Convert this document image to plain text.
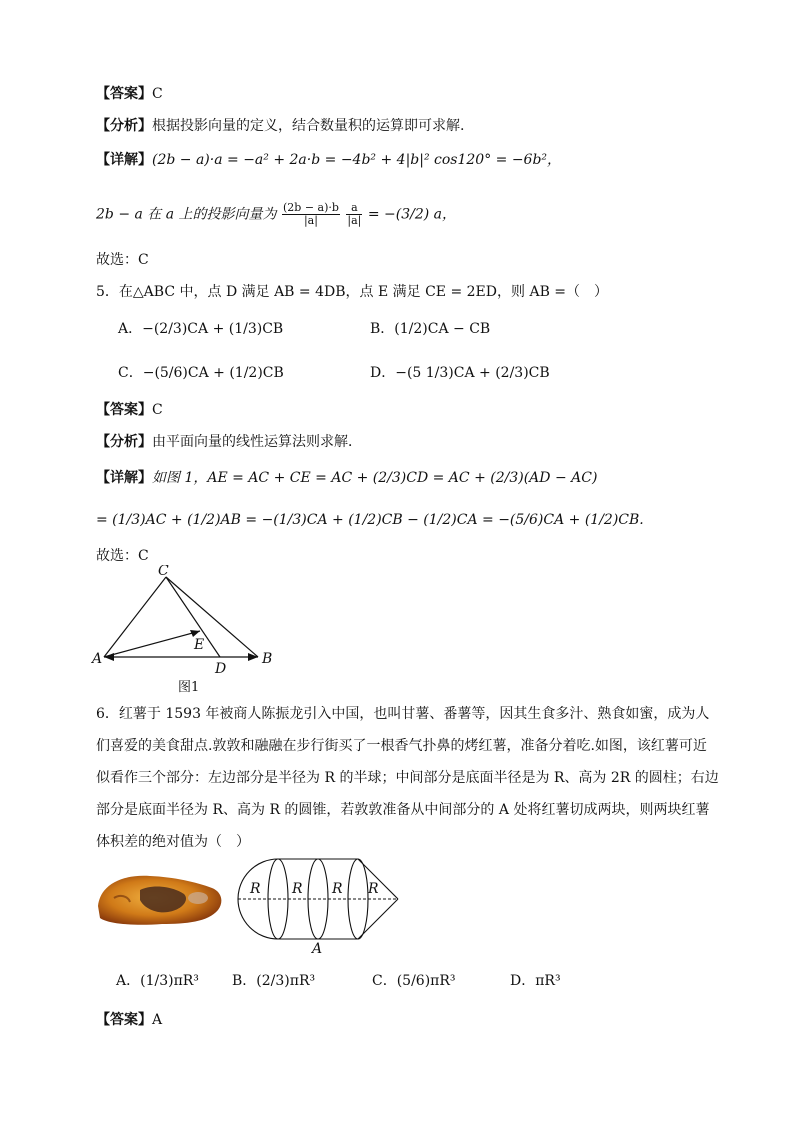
【答案】C
【分析】根据投影向量的定义，结合数量积的运算即可求解.
【详解】(2b − a)·a = −a² + 2a·b = −4b² + 4|b|² cos120° = −6b²，
2b − a 在 a 上的投影向量为 $\frac{(2b - a)\cdot b}{|a|}$
$\frac{a}{|a|} = -(3/2)$ a，
故选：C
5．在△ABC 中，点 D 满足 AB = 4DB，点 E 满足 CE = 2ED，则 AB =（　）
A．−(2/3)CA + (1/3)CB	B．(1/2)CA − CB
C．−(5/6)CA + (1/2)CB	D．−(5 1/3)CA + (2/3)CB
【答案】C
【分析】由平面向量的线性运算法则求解．
【详解】如图 1，AE = AC + CE = AC + (2/3)CD = AC + (2/3)(AD − AC)
= (1/3)AC + (1/2)AB = −(1/3)CA + (1/2)CB − (1/2)CA = −(5/6)CA + (1/2)CB.
故选：C
C
A	B
D
E
图1
6．红薯于 1593 年被商人陈振龙引入中国，也叫甘薯、番薯等，因其生食多汁、熟食如蜜，成为人
们喜爱的美食甜点.敦敦和融融在步行街买了一根香气扑鼻的烤红薯，准备分着吃.如图，该红薯可近
似看作三个部分：左边部分是半径为 R 的半球；中间部分是底面半径是为 R、高为 2R 的圆柱；右边
部分是底面半径为 R、高为 R 的圆锥，若敦敦准备从中间部分的 A 处将红薯切成两块，则两块红薯
体积差的绝对值为（　）
R R R R
A
A．(1/3)πR³ B．(2/3)πR³	C．(5/6)πR³	D．πR³
【答案】A
